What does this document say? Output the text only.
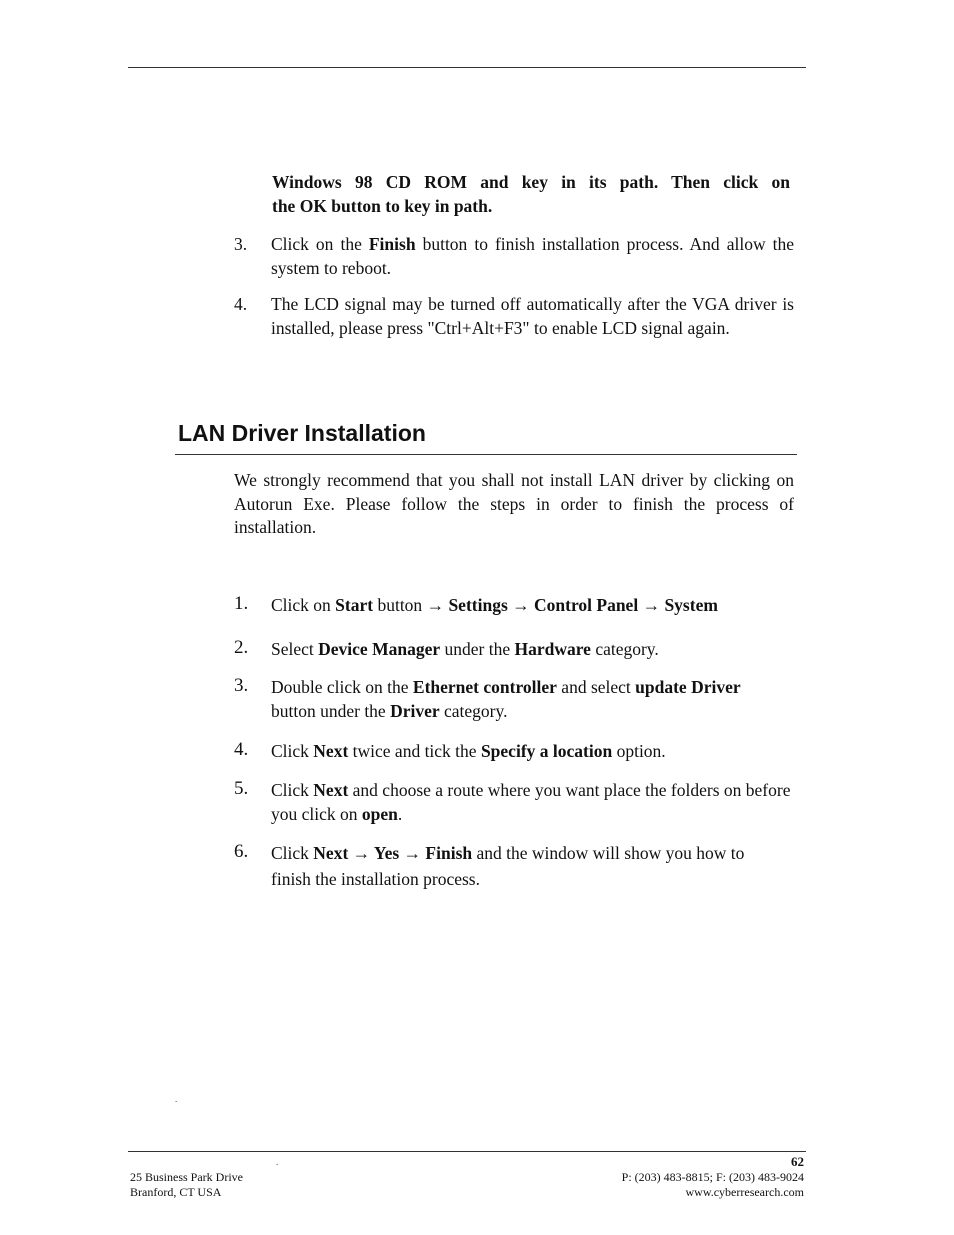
Windows 98 CD ROM and key in its path. Then click on
the OK button to key in path.
3. Click on the Finish button to finish installation process. And allow the system to reboot.
4. The LCD signal may be turned off automatically after the VGA driver is installed, please press "Ctrl+Alt+F3" to enable LCD signal again.
LAN Driver Installation
We strongly recommend that you shall not install LAN driver by clicking on Autorun Exe. Please follow the steps in order to finish the process of installation.
1. Click on Start button → Settings → Control Panel → System
2. Select Device Manager under the Hardware category.
3. Double click on the Ethernet controller and select update Driver button under the Driver category.
4. Click Next twice and tick the Specify a location option.
5. Click Next and choose a route where you want place the folders on before you click on open.
6. Click Next → Yes → Finish and the window will show you how to finish the installation process.
.
.	62
25 Business Park Drive
Branford, CT USA
P: (203) 483-8815; F: (203) 483-9024
www.cyberresearch.com
